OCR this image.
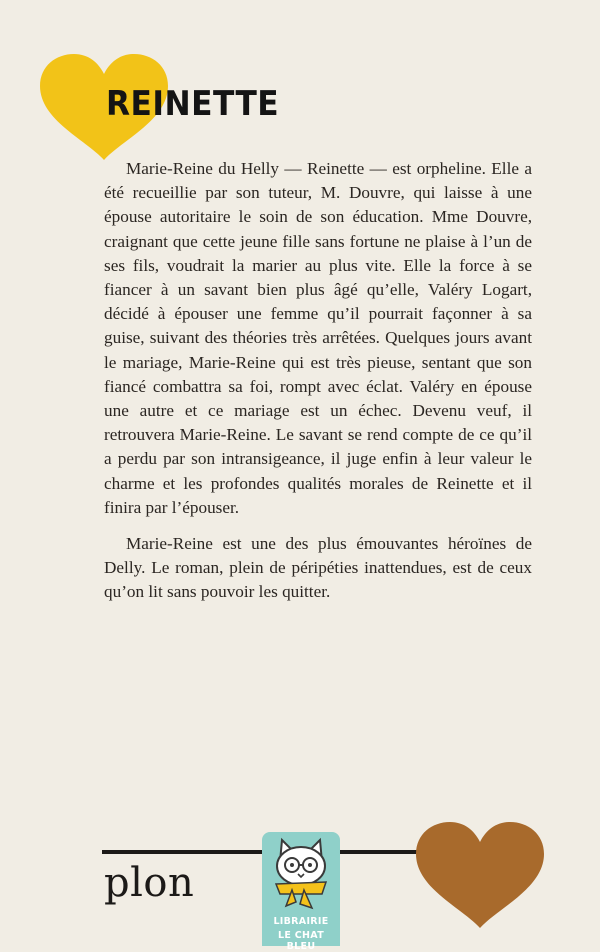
REINETTE

Marie-Reine du Helly — Reinette — est orpheline. Elle a été recueillie par son tuteur, M. Douvre, qui laisse à une épouse autoritaire le soin de son éducation. Mme Douvre, craignant que cette jeune fille sans fortune ne plaise à l’un de ses fils, voudrait la marier au plus vite. Elle la force à se fiancer à un savant bien plus âgé qu’elle, Valéry Logart, décidé à épouser une femme qu’il pourrait façonner à sa guise, suivant des théories très arrêtées. Quelques jours avant le mariage, Marie-Reine qui est très pieuse, sentant que son fiancé combattra sa foi, rompt avec éclat. Valéry en épouse une autre et ce mariage est un échec. Devenu veuf, il retrouvera Marie-Reine. Le savant se rend compte de ce qu’il a perdu par son intransigeance, il juge enfin à leur valeur le charme et les profondes qualités morales de Reinette et il finira par l’épouser.

Marie-Reine est une des plus émouvantes héroïnes de Delly. Le roman, plein de péripéties inattendues, est de ceux qu’on lit sans pouvoir les quitter.

plon
LIBRAIRIE
LE CHAT BLEU
